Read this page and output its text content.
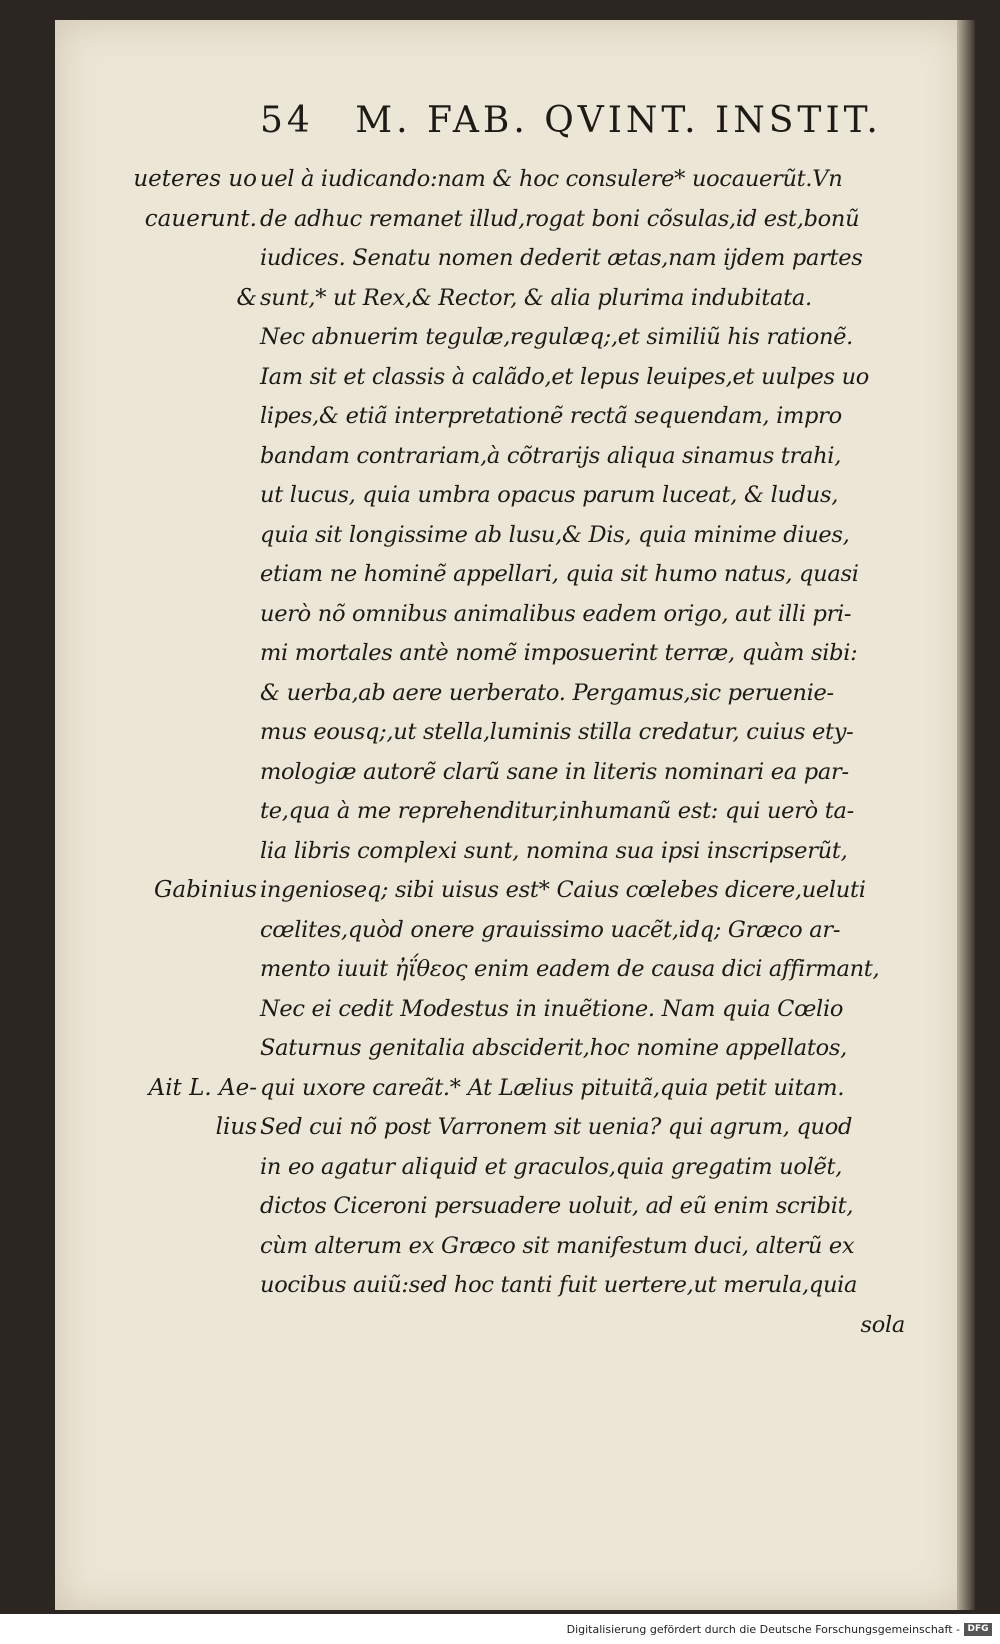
54 M. FAB. QVINT. INSTIT.
ueteres uo uel à iudicando:nam & hoc consulere* uocauerũt.Vn
cauerunt. de adhuc remanet illud,rogat boni cõsulas,id est,bonũ
iudices. Senatu nomen dederit ætas,nam ijdem partes
& sunt,* ut Rex,& Rector, & alia plurima indubitata.
Nec abnuerim tegulæ,regulæq;,et similiũ his rationẽ.
Iam sit et classis à calãdo,et lepus leuipes,et uulpes uo
lipes,& etiã interpretationẽ rectã sequendam, impro
bandam contrariam,à cõtrarijs aliqua sinamus trahi,
ut lucus, quia umbra opacus parum luceat, & ludus,
quia sit longissime ab lusu,& Dis, quia minime diues,
etiam ne hominẽ appellari, quia sit humo natus, quasi
uerò nõ omnibus animalibus eadem origo, aut illi pri-
mi mortales antè nomẽ imposuerint terræ, quàm sibi:
& uerba,ab aere uerberato. Pergamus,sic peruenie-
mus eousq;,ut stella,luminis stilla credatur, cuius ety-
mologiæ autorẽ clarũ sane in literis nominari ea par-
te,qua à me reprehenditur,inhumanũ est: qui uerò ta-
lia libris complexi sunt, nomina sua ipsi inscripserũt,
Gabinius ingenioseq; sibi uisus est* Caius cœlebes dicere,ueluti
cœlites,quòd onere grauissimo uacẽt,idq; Græco ar-
mento iuuit ἠΐθεος enim eadem de causa dici affirmant,
Nec ei cedit Modestus in inuẽtione. Nam quia Cœlio
Saturnus genitalia absciderit,hoc nomine appellatos,
Ait L. Ae- qui uxore careãt.* At Lælius pituitã,quia petit uitam.
lius Sed cui nõ post Varronem sit uenia? qui agrum, quod
in eo agatur aliquid et graculos,quia gregatim uolẽt,
dictos Ciceroni persuadere uoluit, ad eũ enim scribit,
cùm alterum ex Græco sit manifestum duci, alterũ ex
uocibus auiũ:sed hoc tanti fuit uertere,ut merula,quia
sola
Digitalisierung gefördert durch die Deutsche Forschungsgemeinschaft - DFG
